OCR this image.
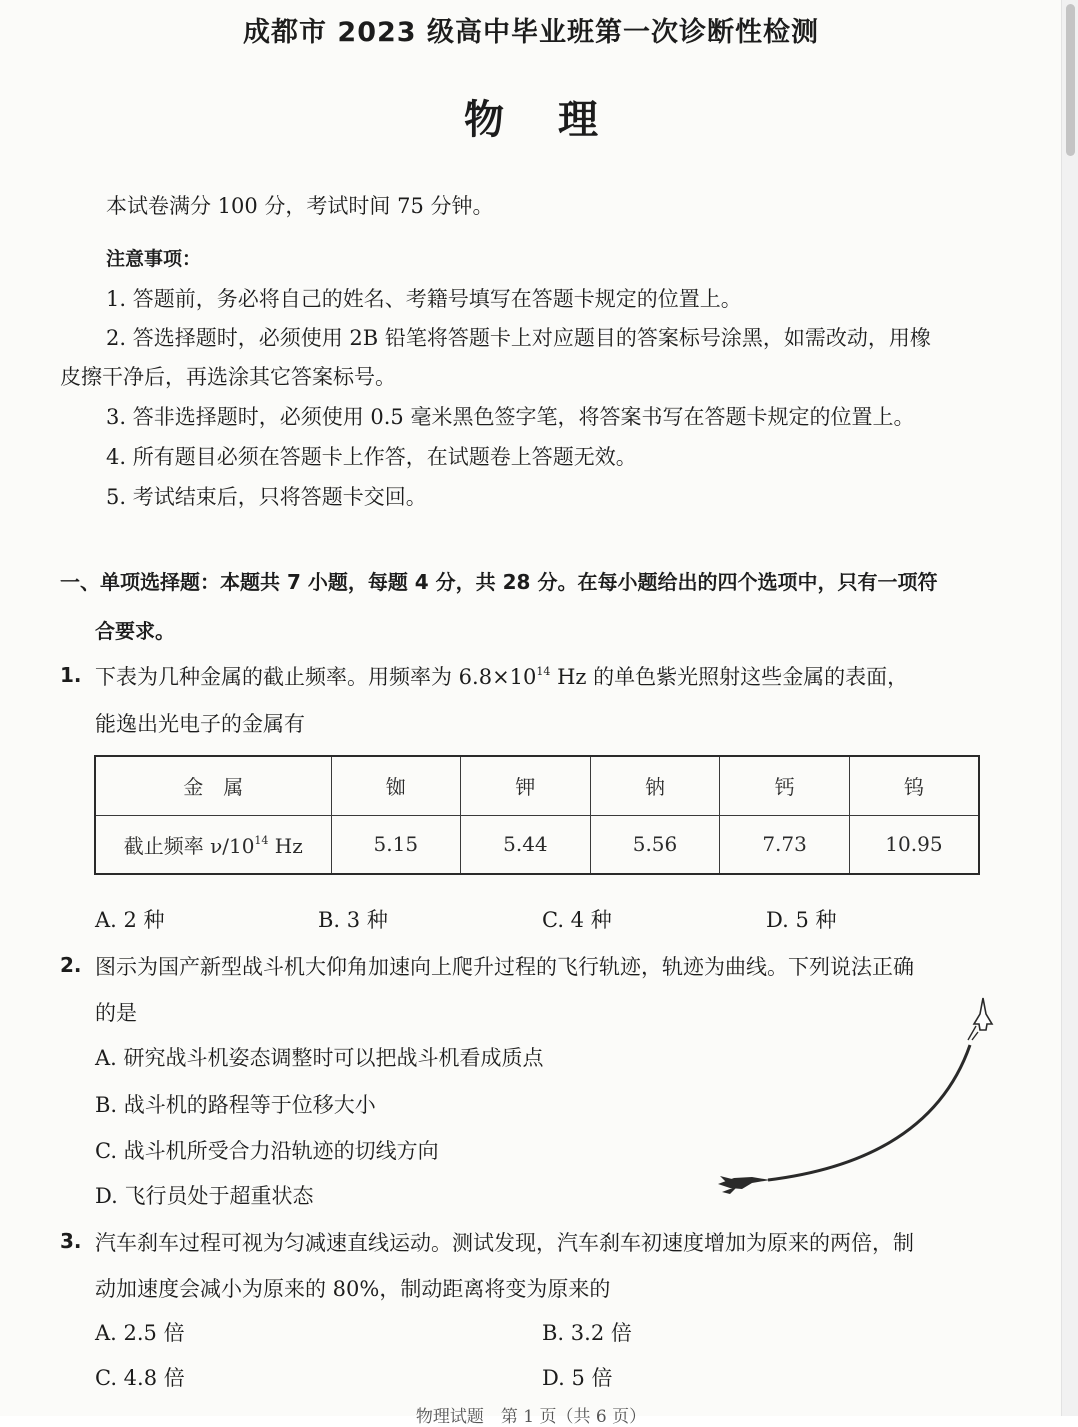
成都市 2023 级高中毕业班第一次诊断性检测
物理
本试卷满分 100 分，考试时间 75 分钟。
注意事项：
1. 答题前，务必将自己的姓名、考籍号填写在答题卡规定的位置上。
2. 答选择题时，必须使用 2B 铅笔将答题卡上对应题目的答案标号涂黑，如需改动，用橡
皮擦干净后，再选涂其它答案标号。
3. 答非选择题时，必须使用 0.5 毫米黑色签字笔，将答案书写在答题卡规定的位置上。
4. 所有题目必须在答题卡上作答，在试题卷上答题无效。
5. 考试结束后，只将答题卡交回。
一、单项选择题：本题共 7 小题，每题 4 分，共 28 分。在每小题给出的四个选项中，只有一项符
合要求。
1. 下表为几种金属的截止频率。用频率为 $6.8\times 10^{14}$ Hz 的单色紫光照射这些金属的表面，
能逸出光电子的金属有
金　属	铷	钾	钠	钙	钨
截止频率 $\nu/10^{14}$ Hz	5.15	5.44	5.56	7.73	10.95
A. 2 种	B. 3 种	C. 4 种	D. 5 种
2. 图示为国产新型战斗机大仰角加速向上爬升过程的飞行轨迹，轨迹为曲线。下列说法正确
的是
A. 研究战斗机姿态调整时可以把战斗机看成质点
B. 战斗机的路程等于位移大小
C. 战斗机所受合力沿轨迹的切线方向
D. 飞行员处于超重状态
3. 汽车刹车过程可视为匀减速直线运动。测试发现，汽车刹车初速度增加为原来的两倍，制
动加速度会减小为原来的 80%，制动距离将变为原来的
A. 2.5 倍	B. 3.2 倍
C. 4.8 倍	D. 5 倍
物理试题　第 1 页（共 6 页）
